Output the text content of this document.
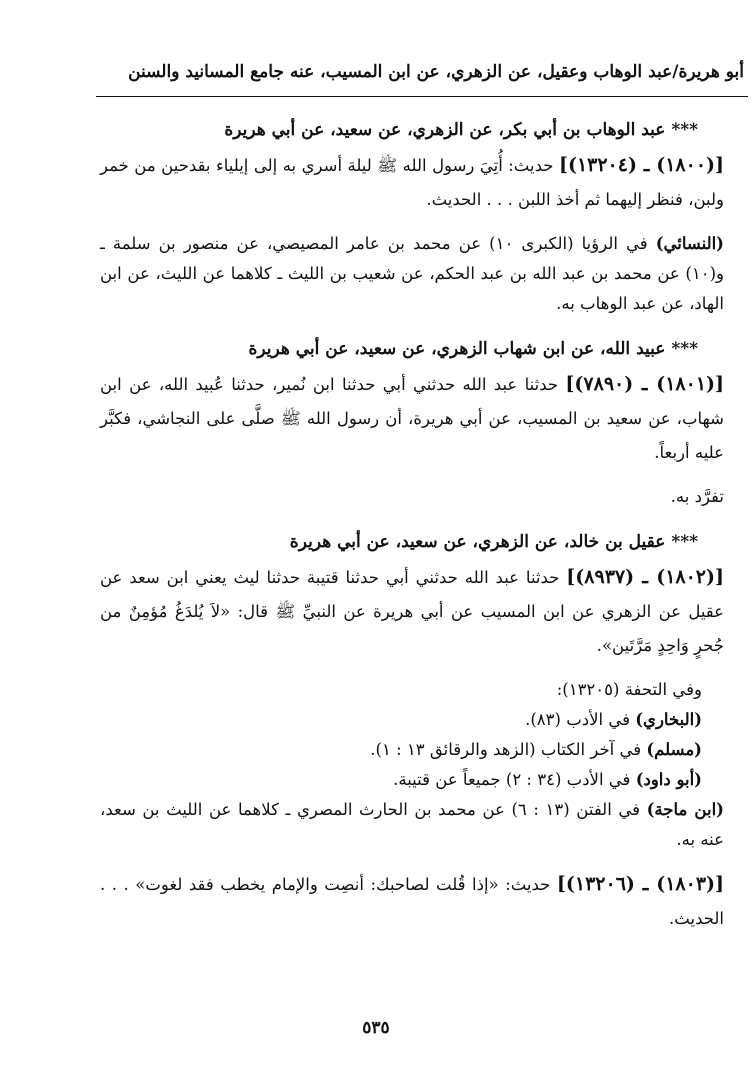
أبو هريرة/عبد الوهاب وعقيل، عن الزهري، عن ابن المسيب، عنه جامع المسانيد والسنن
*** عبد الوهاب بن أبي بكر، عن الزهري، عن سعيد، عن أبي هريرة

[(١٨٠٠) ـ (١٣٢٠٤)] حديث: أُتِيَ رسول الله ﷺ ليلة أسري به إلى إيلياء بقدحين من خمر ولبن، فنظر إليهما ثم أخذ اللبن . . . الحديث.

(النسائي) في الرؤيا (الكبرى ١٠) عن محمد بن عامر المصيصي، عن منصور بن سلمة ـ و(١٠) عن محمد بن عبد الله بن عبد الحكم، عن شعيب بن الليث ـ كلاهما عن الليث، عن ابن الهاد، عن عبد الوهاب به.

*** عبيد الله، عن ابن شهاب الزهري، عن سعيد، عن أبي هريرة

[(١٨٠١) ـ (٧٨٩٠)] حدثنا عبد الله حدثني أبي حدثنا ابن نُمير، حدثنا عُبيد الله، عن ابن شهاب، عن سعيد بن المسيب، عن أبي هريرة، أن رسول الله ﷺ صلَّى على النجاشي، فكبَّر عليه أربعاً.

تفرَّد به.

*** عقيل بن خالد، عن الزهري، عن سعيد، عن أبي هريرة

[(١٨٠٢) ـ (٨٩٣٧)] حدثنا عبد الله حدثني أبي حدثنا قتيبة حدثنا ليث يعني ابن سعد عن عقيل عن الزهري عن ابن المسيب عن أبي هريرة عن النبيِّ ﷺ قال: «لاَ يُلدَغُ مُؤمِنٌ من جُحرٍ وَاحِدٍ مَرَّتَين».

وفي التحفة (١٣٢٠٥):

(البخاري) في الأدب (٨٣).

(مسلم) في آخر الكتاب (الزهد والرقائق ١٣ : ١).

(أبو داود) في الأدب (٣٤ : ٢) جميعاً عن قتيبة.

(ابن ماجة) في الفتن (١٣ : ٦) عن محمد بن الحارث المصري ـ كلاهما عن الليث بن سعد، عنه به.

[(١٨٠٣) ـ (١٣٢٠٦)] حديث: «إذا قُلت لصاحبك: أنصِت والإمام يخطب فقد لغوت» . . . الحديث.

٥٣٥
